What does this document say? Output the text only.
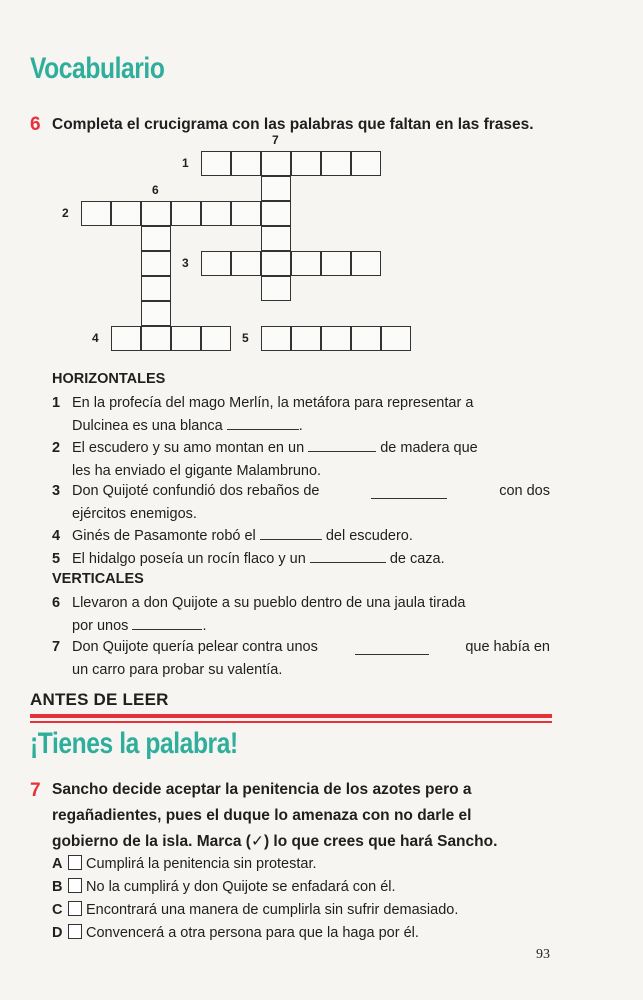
Vocabulario
6 Completa el crucigrama con las palabras que faltan en las frases.
1
2
3
4	5
6
7
HORIZONTALES
1 En la profecía del mago Merlín, la metáfora para representar a
Dulcinea es una blanca	.
2 El escudero y su amo montan en un	de madera que
les ha enviado el gigante Malambruno.
3 Don Quijoté confundió dos rebaños de	con dos
ejércitos enemigos.
4 Ginés de Pasamonte robó el	del escudero.
5 El hidalgo poseía un rocín flaco y un	de caza.
VERTICALES
6 Llevaron a don Quijote a su pueblo dentro de una jaula tirada
por unos	.
7 Don Quijote quería pelear contra unos	que había en
un carro para probar su valentía.
ANTES DE LEER
¡Tienes la palabra!
7 Sancho decide aceptar la penitencia de los azotes pero a
regañadientes, pues el duque lo amenaza con no darle el
gobierno de la isla. Marca (✓) lo que crees que hará Sancho.
A Cumplirá la penitencia sin protestar.
B No la cumplirá y don Quijote se enfadará con él.
C Encontrará una manera de cumplirla sin sufrir demasiado.
D Convencerá a otra persona para que la haga por él.
93
